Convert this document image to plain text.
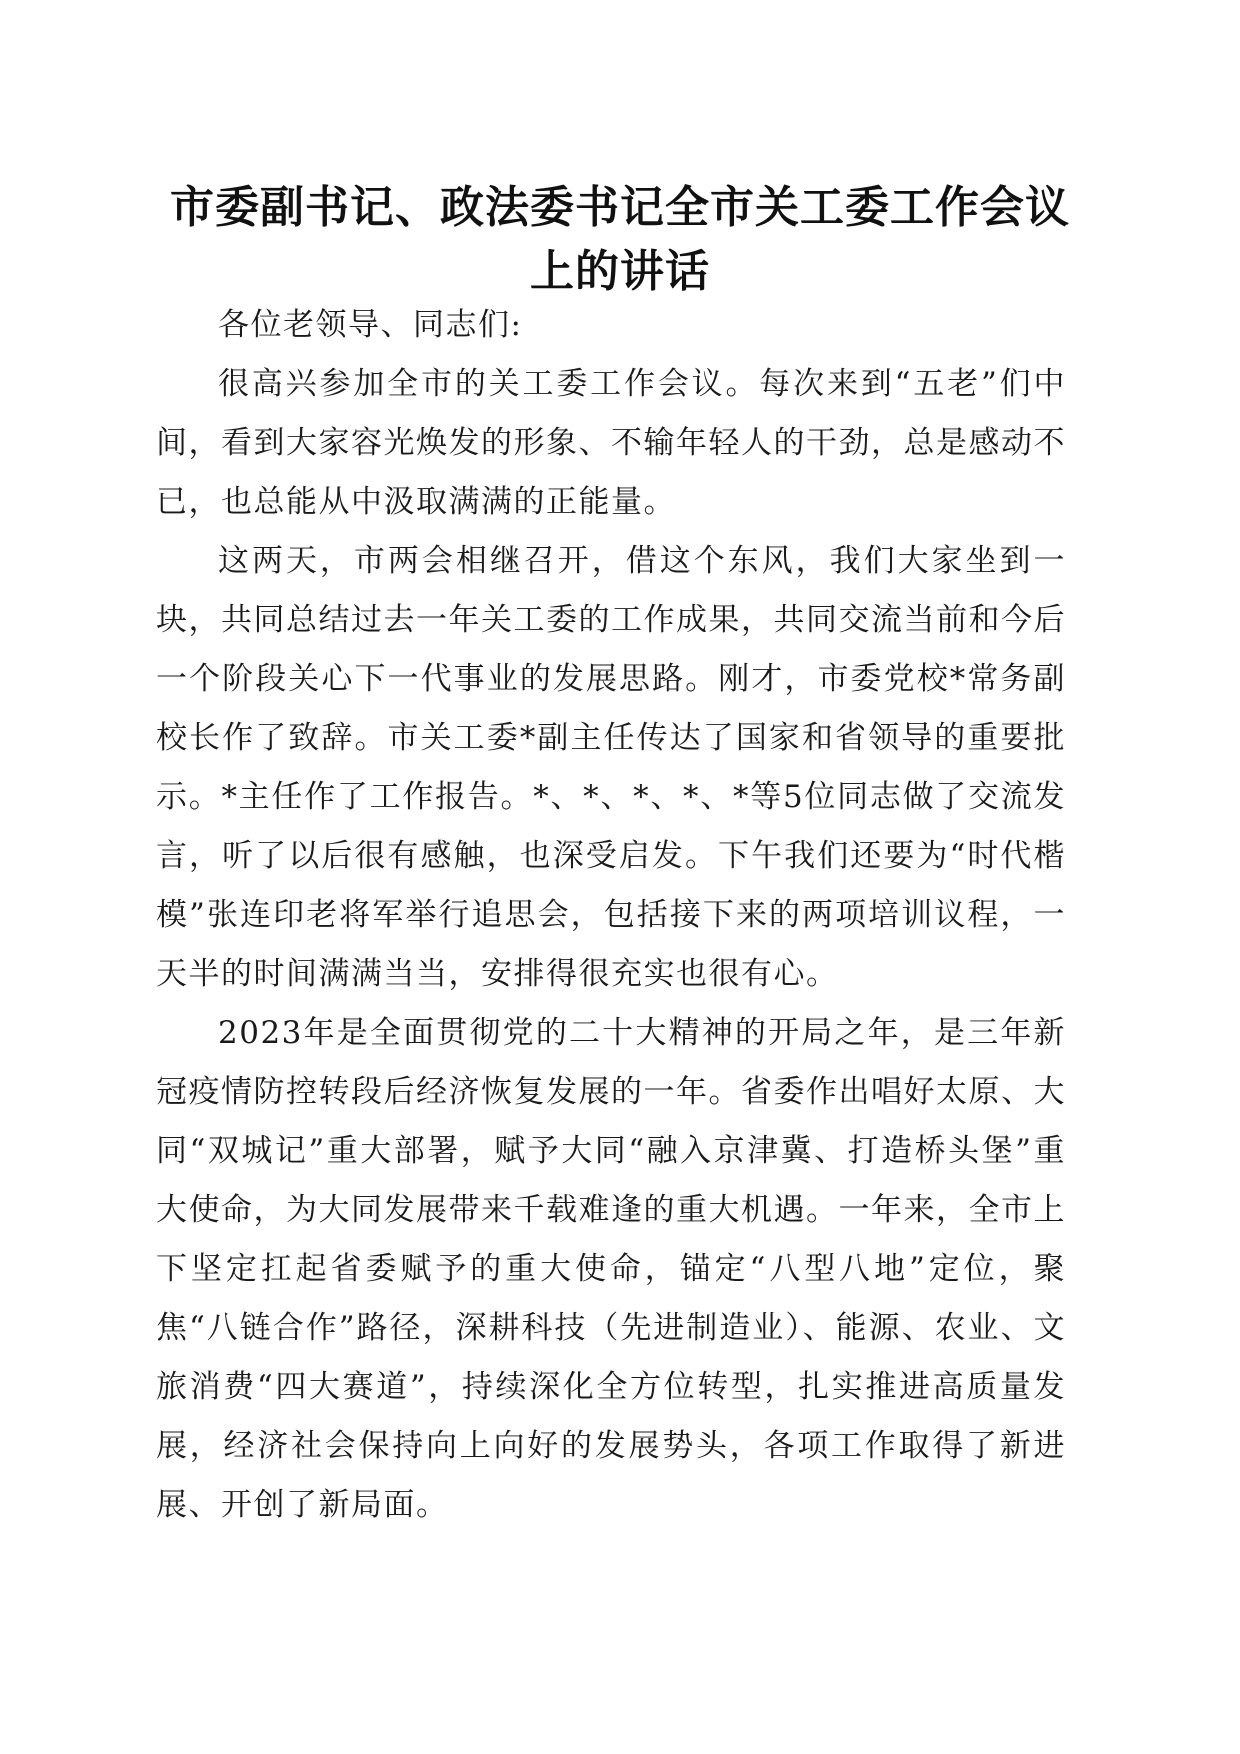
市委副书记、政法委书记全市关工委工作会议
上的讲话

各位老领导、同志们:

很高兴参加全市的关工委工作会议。每次来到“五老”们中间，看到大家容光焕发的形象、不输年轻人的干劲，总是感动不已，也总能从中汲取满满的正能量。

这两天，市两会相继召开，借这个东风，我们大家坐到一块，共同总结过去一年关工委的工作成果，共同交流当前和今后一个阶段关心下一代事业的发展思路。刚才，市委党校*常务副校长作了致辞。市关工委*副主任传达了国家和省领导的重要批示。*主任作了工作报告。*、*、*、*、*等5位同志做了交流发言，听了以后很有感触，也深受启发。下午我们还要为“时代楷模”张连印老将军举行追思会，包括接下来的两项培训议程，一天半的时间满满当当，安排得很充实也很有心。

2023年是全面贯彻党的二十大精神的开局之年，是三年新冠疫情防控转段后经济恢复发展的一年。省委作出唱好太原、大同“双城记”重大部署，赋予大同“融入京津冀、打造桥头堡”重大使命，为大同发展带来千载难逢的重大机遇。一年来，全市上下坚定扛起省委赋予的重大使命，锚定“八型八地”定位，聚焦“八链合作”路径，深耕科技（先进制造业）、能源、农业、文旅消费“四大赛道”，持续深化全方位转型，扎实推进高质量发展，经济社会保持向上向好的发展势头，各项工作取得了新进展、开创了新局面。
